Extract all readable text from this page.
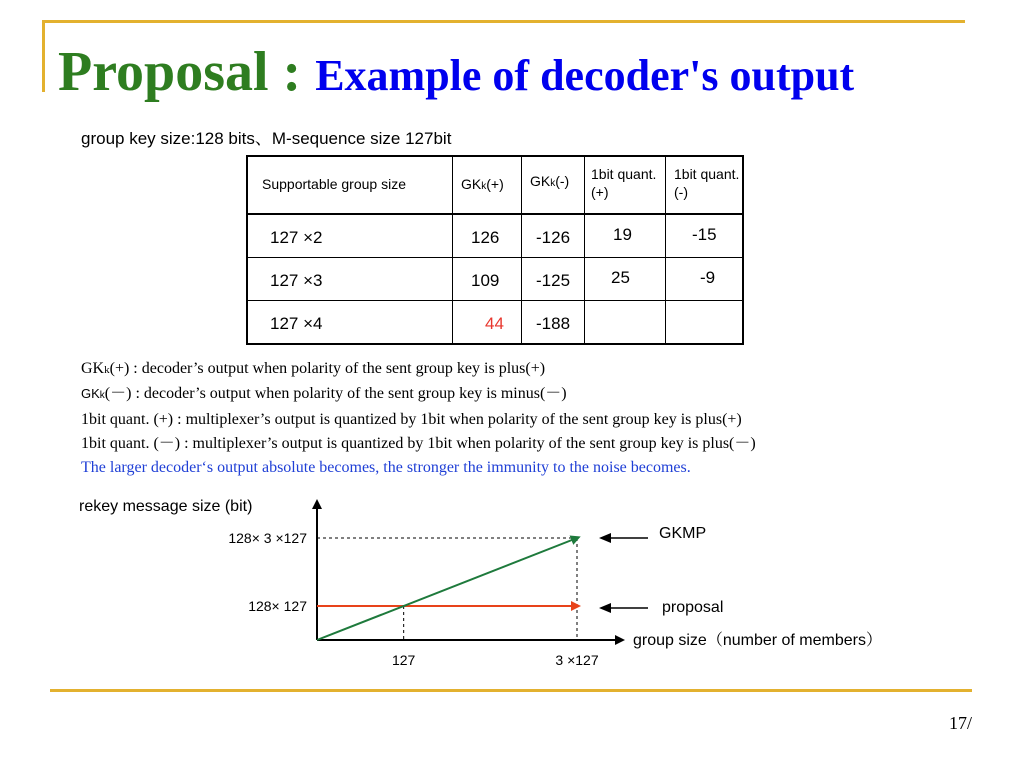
Proposal : Example of decoder's output
group key size:128 bits、M-sequence size 127bit
Supportable group size	GKk(+)	GKk(-)	1bit quant. (+)	1bit quant.(-)

127 ×2	126	-126	19	-15

127 ×3	109	-125	25	-9

127 ×4	44	-188		

GKk(+) : decoder’s output when polarity of the sent group key is plus(+)
GKk(－) : decoder’s output when polarity of the sent group key is minus(－)
1bit quant. (+) : multiplexer’s output is quantized by 1bit when polarity of the sent group key is plus(+)
1bit quant. (－) : multiplexer’s output is quantized by 1bit when polarity of the sent group key is plus(－)
The larger decoder‘s output absolute becomes, the stronger the immunity to the noise becomes.
rekey message size (bit)
group size（number of members）
128× 3 ×127
128× 127
127	3 ×127
GKMP
proposal
17/
